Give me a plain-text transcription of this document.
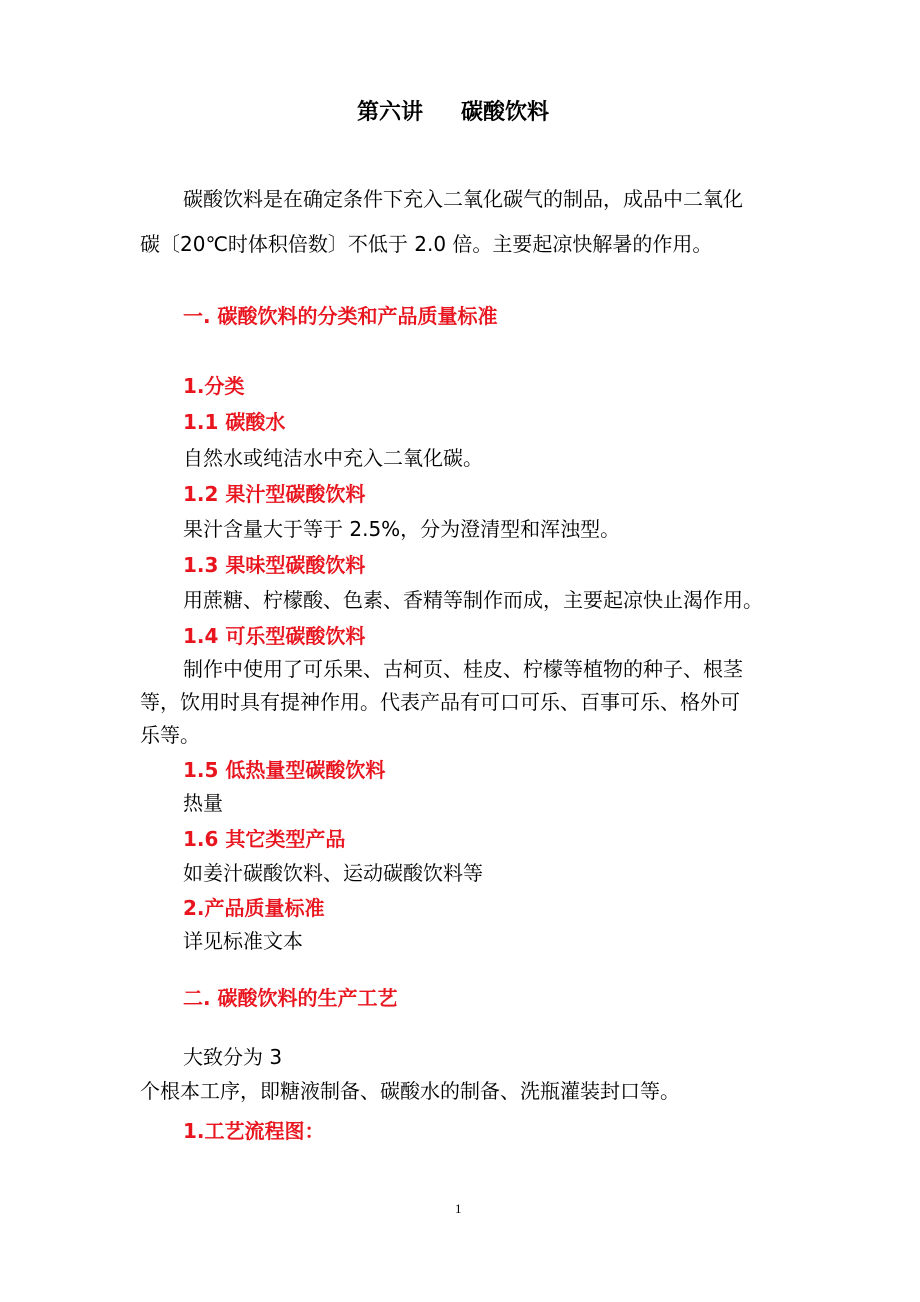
第六讲 碳酸饮料
碳酸饮料是在确定条件下充入二氧化碳气的制品，成品中二氧化
碳〔20℃时体积倍数〕不低于 2.0 倍。主要起凉快解暑的作用。
一. 碳酸饮料的分类和产品质量标准
1.分类
1.1 碳酸水
自然水或纯洁水中充入二氧化碳。
1.2 果汁型碳酸饮料
果汁含量大于等于 2.5%，分为澄清型和浑浊型。
1.3 果味型碳酸饮料
用蔗糖、柠檬酸、色素、香精等制作而成，主要起凉快止渴作用。
1.4 可乐型碳酸饮料
制作中使用了可乐果、古柯页、桂皮、柠檬等植物的种子、根茎
等，饮用时具有提神作用。代表产品有可口可乐、百事可乐、格外可
乐等。
1.5 低热量型碳酸饮料
热量
1.6 其它类型产品
如姜汁碳酸饮料、运动碳酸饮料等
2.产品质量标准
详见标准文本
二. 碳酸饮料的生产工艺
大致分为 3
个根本工序，即糖液制备、碳酸水的制备、洗瓶灌装封口等。
1.工艺流程图：
1
